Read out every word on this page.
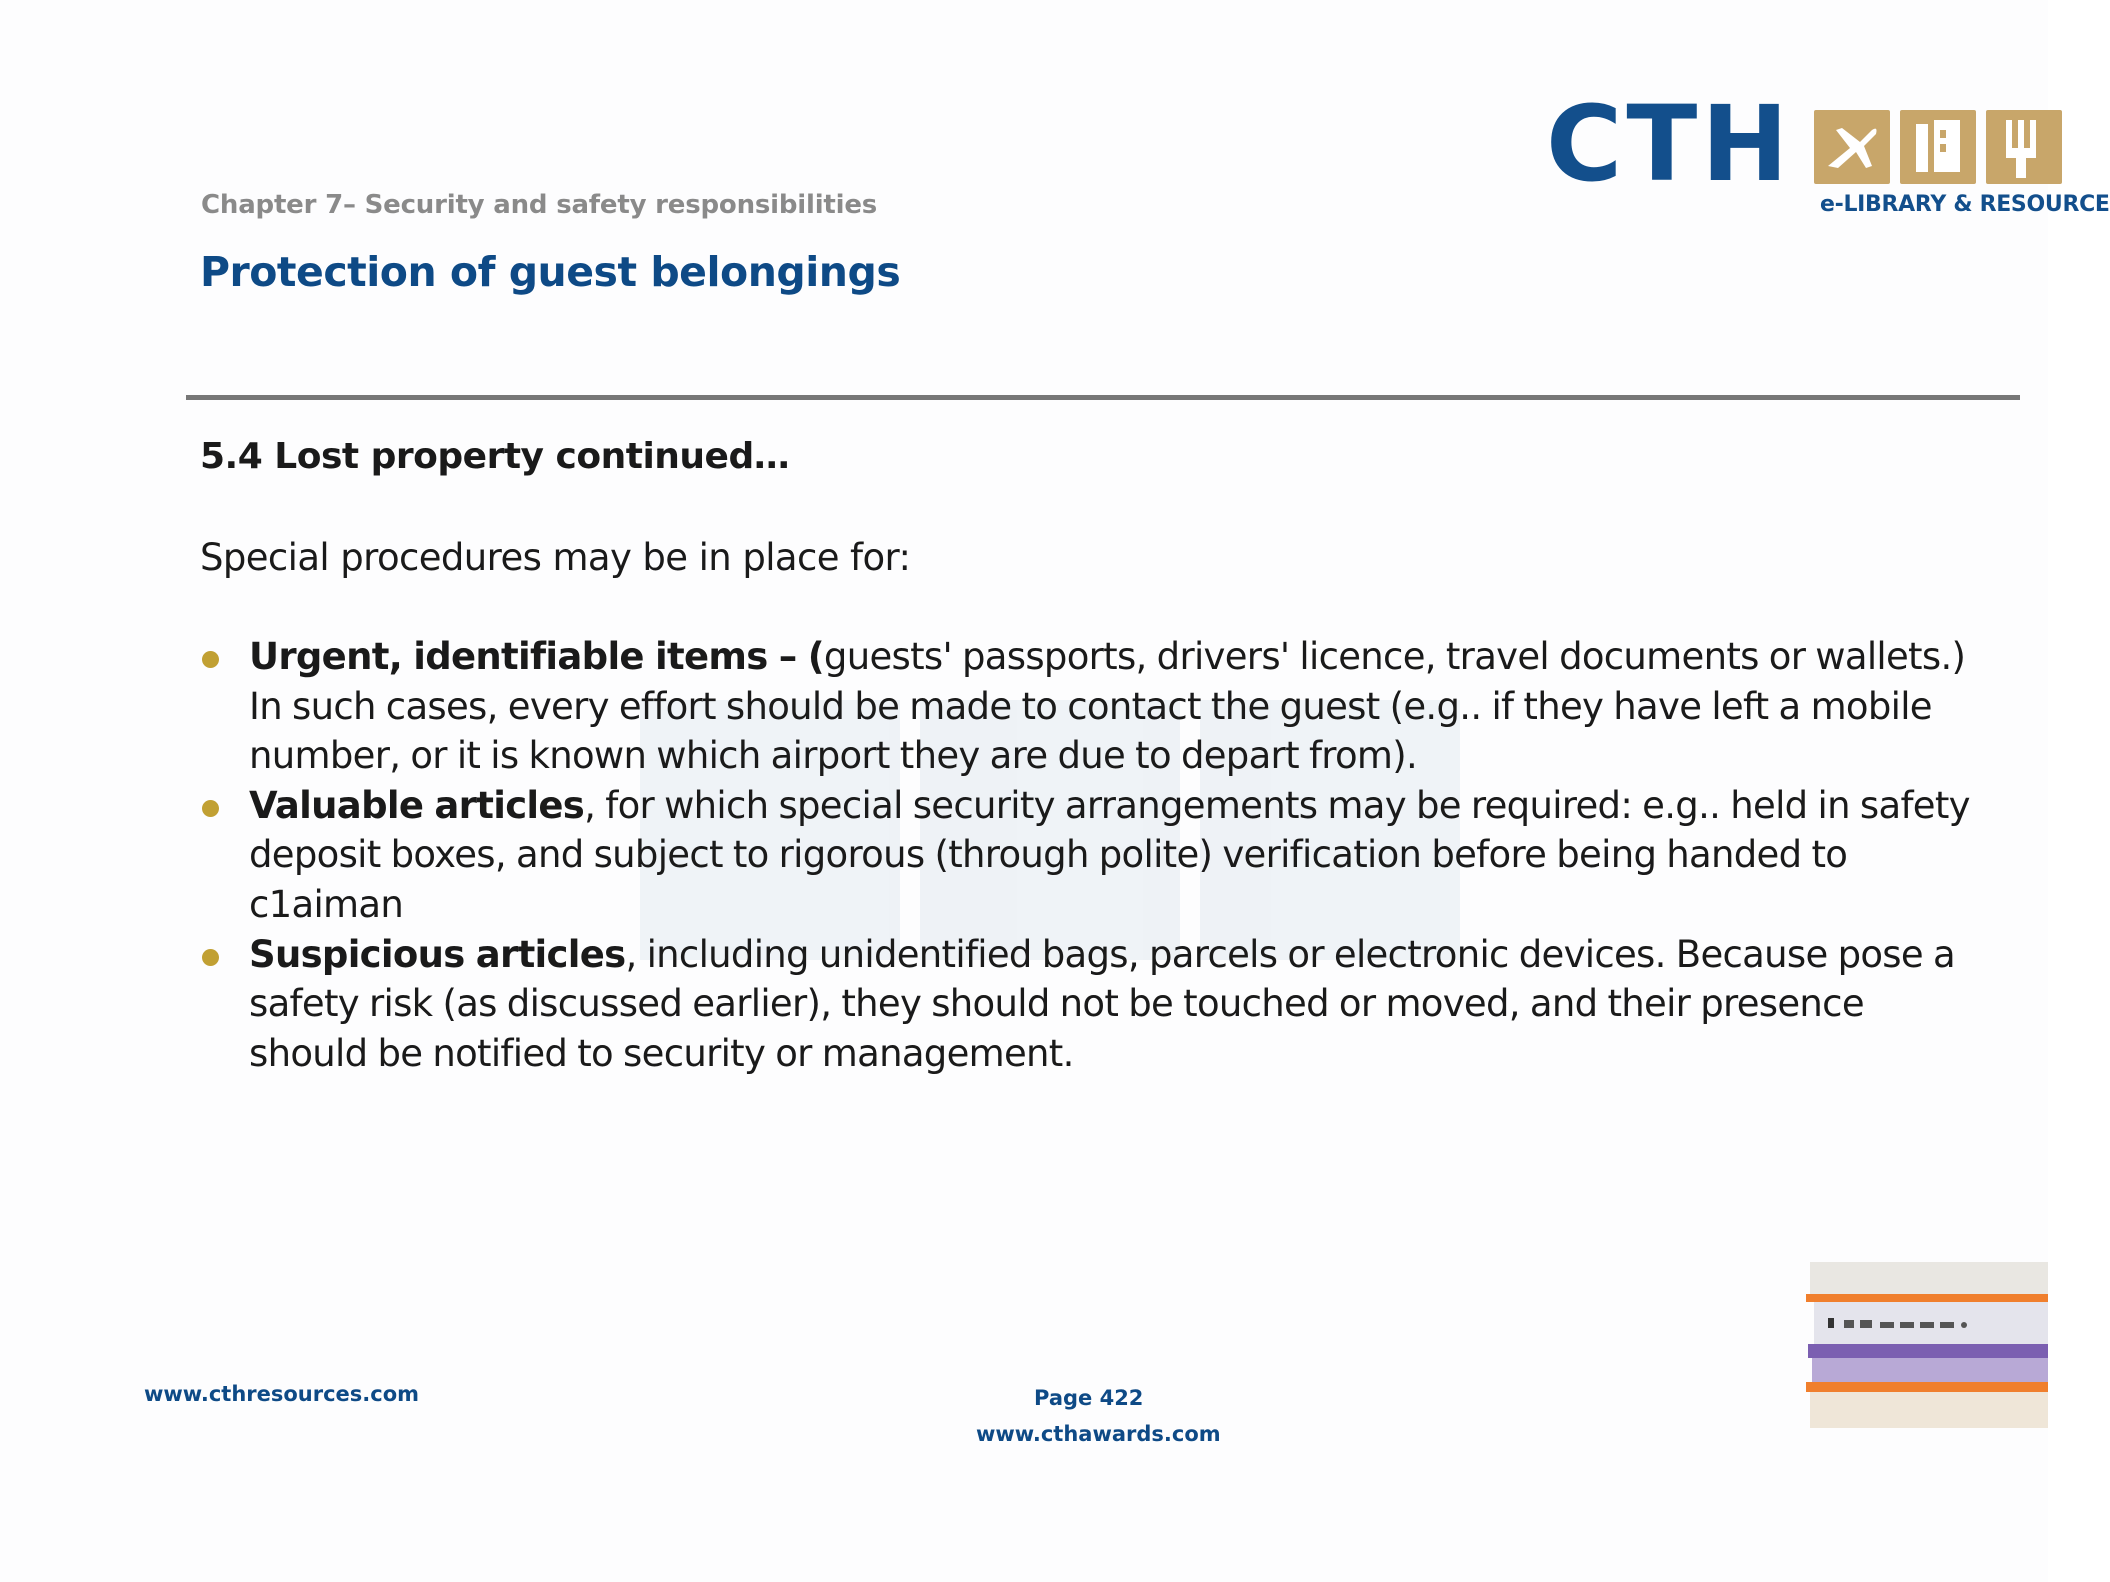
Chapter 7– Security and safety responsibilities
Protection of guest belongings
CTH e-LIBRARY & RESOURCE
5.4 Lost property continued…
Special procedures may be in place for:
Urgent, identifiable items – (guests' passports, drivers' licence, travel documents or wallets.) In such cases, every effort should be made to contact the guest (e.g.. if they have left a mobile number, or it is known which airport they are due to depart from).
Valuable articles, for which special security arrangements may be required: e.g.. held in safety deposit boxes, and subject to rigorous (through polite) verification before being handed to c1aiman
Suspicious articles, including unidentified bags, parcels or electronic devices. Because pose a safety risk (as discussed earlier), they should not be touched or moved, and their presence should be notified to security or management.
www.cthresources.com	Page 422
www.cthawards.com
